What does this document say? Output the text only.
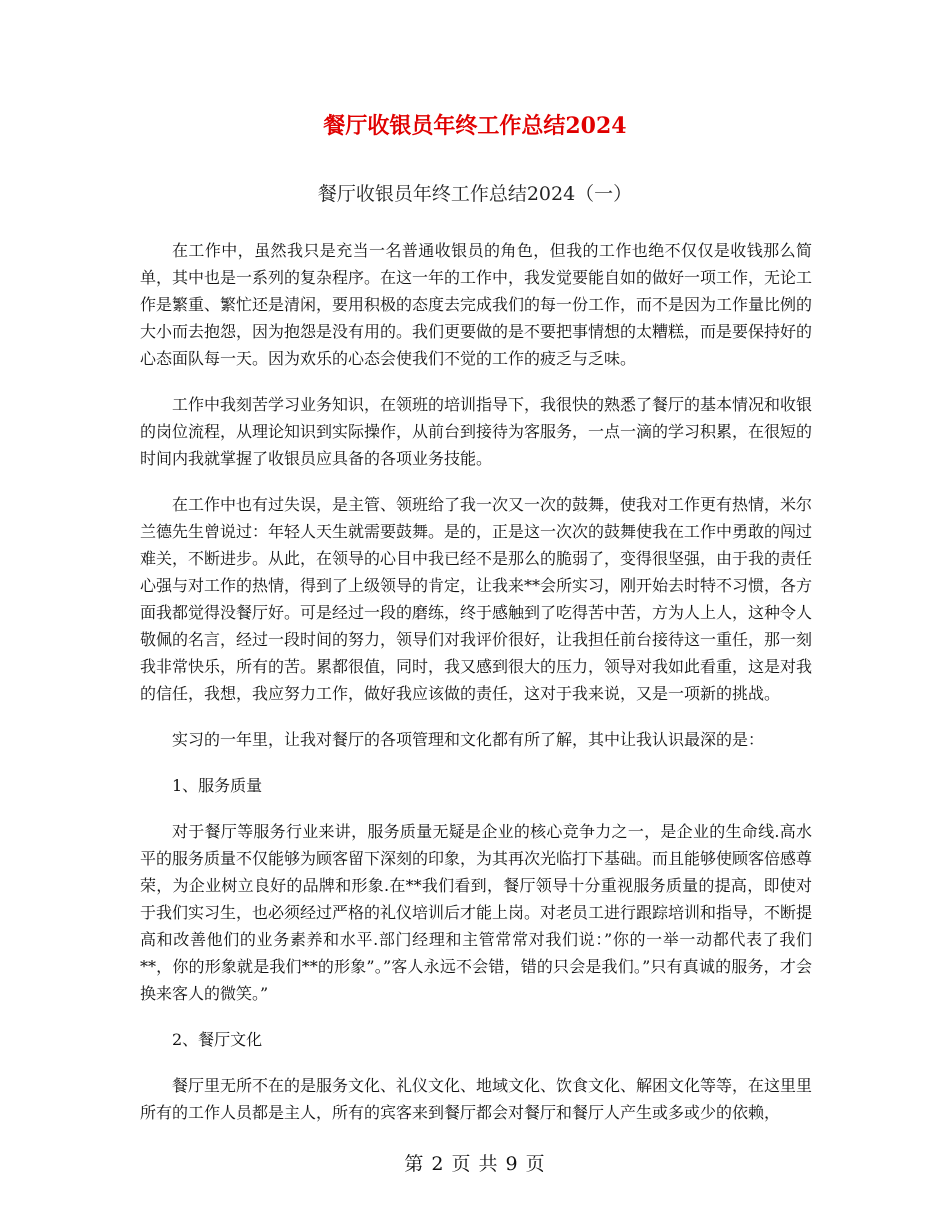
餐厅收银员年终工作总结2024
餐厅收银员年终工作总结2024（一）

在工作中，虽然我只是充当一名普通收银员的角色，但我的工作也绝不仅仅是收钱那么简单，其中也是一系列的复杂程序。在这一年的工作中，我发觉要能自如的做好一项工作，无论工作是繁重、繁忙还是清闲，要用积极的态度去完成我们的每一份工作，而不是因为工作量比例的大小而去抱怨，因为抱怨是没有用的。我们更要做的是不要把事情想的太糟糕，而是要保持好的心态面队每一天。因为欢乐的心态会使我们不觉的工作的疲乏与乏味。

工作中我刻苦学习业务知识，在领班的培训指导下，我很快的熟悉了餐厅的基本情况和收银的岗位流程，从理论知识到实际操作，从前台到接待为客服务，一点一滴的学习积累，在很短的时间内我就掌握了收银员应具备的各项业务技能。

在工作中也有过失误，是主管、领班给了我一次又一次的鼓舞，使我对工作更有热情，米尔兰德先生曾说过：年轻人天生就需要鼓舞。是的，正是这一次次的鼓舞使我在工作中勇敢的闯过难关，不断进步。从此，在领导的心目中我已经不是那么的脆弱了，变得很坚强，由于我的责任心强与对工作的热情，得到了上级领导的肯定，让我来**会所实习，刚开始去时特不习惯，各方面我都觉得没餐厅好。可是经过一段的磨练，终于感触到了吃得苦中苦，方为人上人，这种令人敬佩的名言，经过一段时间的努力，领导们对我评价很好，让我担任前台接待这一重任，那一刻我非常快乐，所有的苦。累都很值，同时，我又感到很大的压力，领导对我如此看重，这是对我的信任，我想，我应努力工作，做好我应该做的责任，这对于我来说，又是一项新的挑战。

实习的一年里，让我对餐厅的各项管理和文化都有所了解，其中让我认识最深的是：

1、服务质量

对于餐厅等服务行业来讲，服务质量无疑是企业的核心竞争力之一，是企业的生命线.高水平的服务质量不仅能够为顾客留下深刻的印象，为其再次光临打下基础。而且能够使顾客倍感尊荣，为企业树立良好的品牌和形象.在**我们看到，餐厅领导十分重视服务质量的提高，即使对于我们实习生，也必须经过严格的礼仪培训后才能上岗。对老员工进行跟踪培训和指导，不断提高和改善他们的业务素养和水平.部门经理和主管常常对我们说：”你的一举一动都代表了我们**，你的形象就是我们**的形象”。”客人永远不会错，错的只会是我们。”只有真诚的服务，才会换来客人的微笑。”

2、餐厅文化

餐厅里无所不在的是服务文化、礼仪文化、地域文化、饮食文化、解困文化等等，在这里里所有的工作人员都是主人，所有的宾客来到餐厅都会对餐厅和餐厅人产生或多或少的依赖，

第 2 页 共 9 页
